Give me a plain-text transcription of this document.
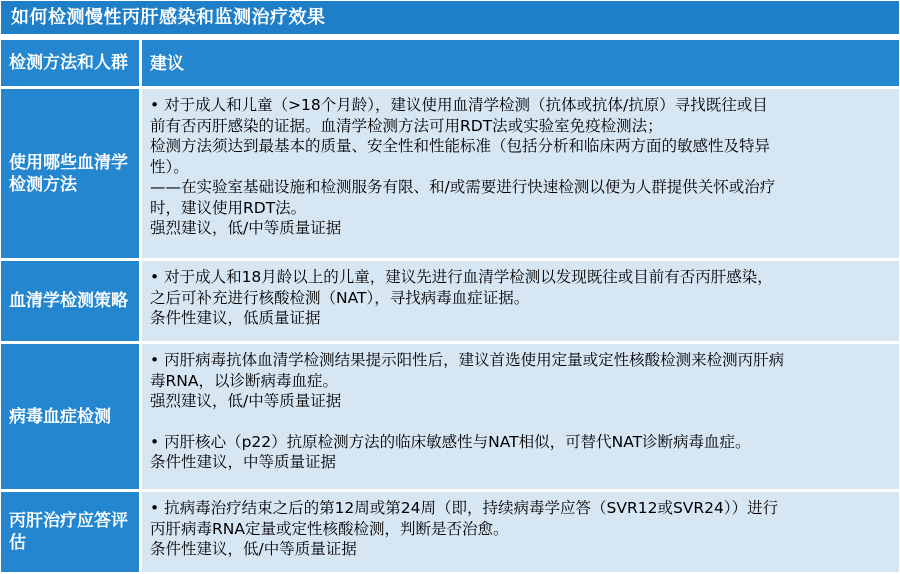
如何检测慢性丙肝感染和监测治疗效果
检测方法和人群	建议
使用哪些血清学检测方法
• 对于成人和儿童（>18个月龄），建议使用血清学检测（抗体或抗体/抗原）寻找既往或目
前有否丙肝感染的证据。血清学检测方法可用RDT法或实验室免疫检测法；
检测方法须达到最基本的质量、安全性和性能标准（包括分析和临床两方面的敏感性及特异
性）。
——在实验室基础设施和检测服务有限、和/或需要进行快速检测以便为人群提供关怀或治疗
时，建议使用RDT法。
强烈建议，低/中等质量证据
血清学检测策略
• 对于成人和18月龄以上的儿童，建议先进行血清学检测以发现既往或目前有否丙肝感染，
之后可补充进行核酸检测（NAT），寻找病毒血症证据。
条件性建议，低质量证据
病毒血症检测
• 丙肝病毒抗体血清学检测结果提示阳性后，建议首选使用定量或定性核酸检测来检测丙肝病
毒RNA，以诊断病毒血症。
强烈建议，低/中等质量证据
• 丙肝核心（p22）抗原检测方法的临床敏感性与NAT相似，可替代NAT诊断病毒血症。
条件性建议，中等质量证据
丙肝治疗应答评估
• 抗病毒治疗结束之后的第12周或第24周（即，持续病毒学应答（SVR12或SVR24））进行
丙肝病毒RNA定量或定性核酸检测，判断是否治愈。
条件性建议，低/中等质量证据
